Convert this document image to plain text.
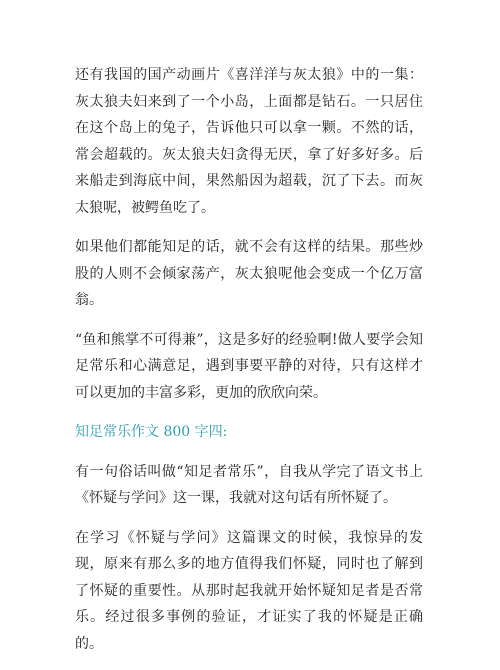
还有我国的国产动画片《喜洋洋与灰太狼》中的一集：灰太狼夫妇来到了一个小岛，上面都是钻石。一只居住在这个岛上的兔子，告诉他只可以拿一颗。不然的话，常会超载的。灰太狼夫妇贪得无厌，拿了好多好多。后来船走到海底中间，果然船因为超载，沉了下去。而灰太狼呢，被鳄鱼吃了。

如果他们都能知足的话，就不会有这样的结果。那些炒股的人则不会倾家荡产，灰太狼呢他会变成一个亿万富翁。

“鱼和熊掌不可得兼”，这是多好的经验啊!做人要学会知足常乐和心满意足，遇到事要平静的对待，只有这样才可以更加的丰富多彩，更加的欣欣向荣。

知足常乐作文 800 字四:

有一句俗话叫做“知足者常乐”，自我从学完了语文书上《怀疑与学问》这一课，我就对这句话有所怀疑了。

在学习《怀疑与学问》这篇课文的时候，我惊异的发现，原来有那么多的地方值得我们怀疑，同时也了解到了怀疑的重要性。从那时起我就开始怀疑知足者是否常乐。经过很多事例的验证，才证实了我的怀疑是正确的。
